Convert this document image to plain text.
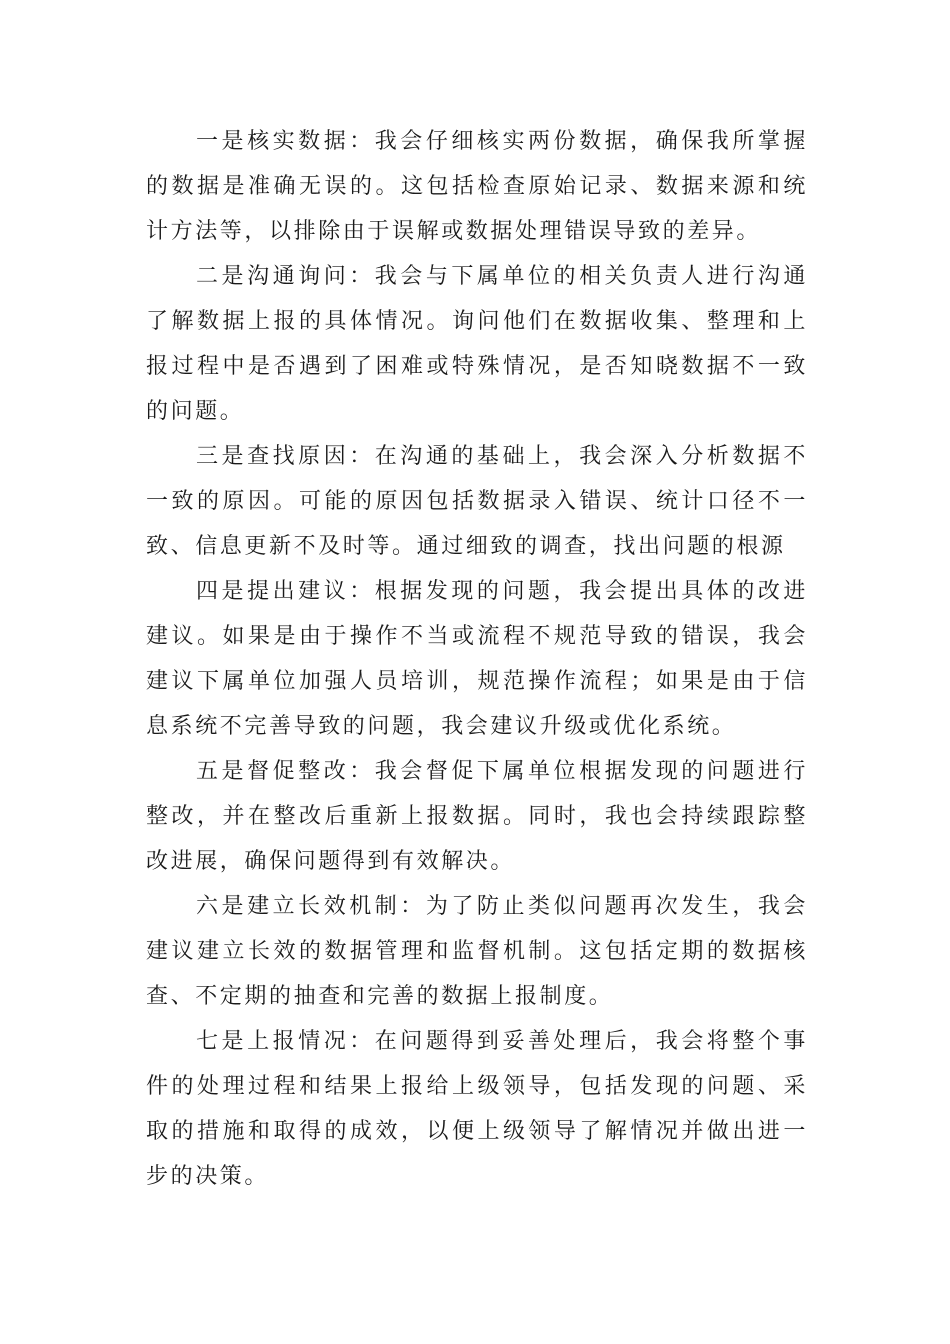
一是核实数据：我会仔细核实两份数据，确保我所掌握的数据是准确无误的。这包括检查原始记录、数据来源和统计方法等，以排除由于误解或数据处理错误导致的差异。

二是沟通询问：我会与下属单位的相关负责人进行沟通了解数据上报的具体情况。询问他们在数据收集、整理和上报过程中是否遇到了困难或特殊情况，是否知晓数据不一致的问题。

三是查找原因：在沟通的基础上，我会深入分析数据不一致的原因。可能的原因包括数据录入错误、统计口径不一致、信息更新不及时等。通过细致的调查，找出问题的根源

四是提出建议：根据发现的问题，我会提出具体的改进建议。如果是由于操作不当或流程不规范导致的错误，我会建议下属单位加强人员培训，规范操作流程；如果是由于信息系统不完善导致的问题，我会建议升级或优化系统。

五是督促整改：我会督促下属单位根据发现的问题进行整改，并在整改后重新上报数据。同时，我也会持续跟踪整改进展，确保问题得到有效解决。

六是建立长效机制：为了防止类似问题再次发生，我会建议建立长效的数据管理和监督机制。这包括定期的数据核查、不定期的抽查和完善的数据上报制度。

七是上报情况：在问题得到妥善处理后，我会将整个事件的处理过程和结果上报给上级领导，包括发现的问题、采取的措施和取得的成效，以便上级领导了解情况并做出进一步的决策。
